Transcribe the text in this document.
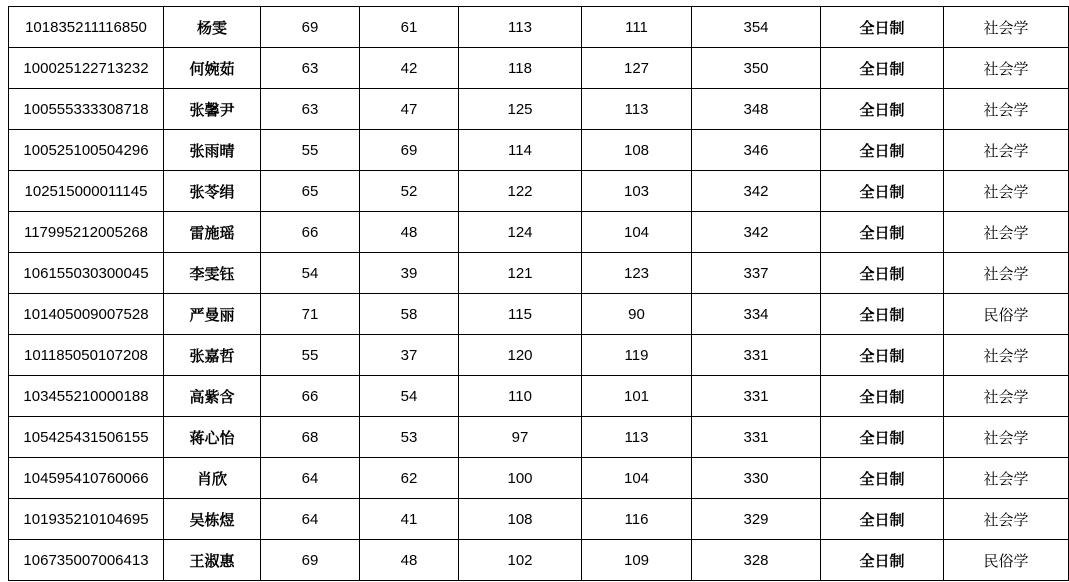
101835211116850	杨雯	69	61	113	111	354	全日制	社会学
100025122713232	何婉茹	63	42	118	127	350	全日制	社会学
100555333308718	张馨尹	63	47	125	113	348	全日制	社会学
100525100504296	张雨晴	55	69	114	108	346	全日制	社会学
102515000011145	张苓绢	65	52	122	103	342	全日制	社会学
117995212005268	雷施瑶	66	48	124	104	342	全日制	社会学
106155030300045	李雯钰	54	39	121	123	337	全日制	社会学
101405009007528	严曼丽	71	58	115	90	334	全日制	民俗学
101185050107208	张嘉哲	55	37	120	119	331	全日制	社会学
103455210000188	高紫含	66	54	110	101	331	全日制	社会学
105425431506155	蒋心怡	68	53	97	113	331	全日制	社会学
104595410760066	肖欣	64	62	100	104	330	全日制	社会学
101935210104695	吴栋煜	64	41	108	116	329	全日制	社会学
106735007006413	王淑惠	69	48	102	109	328	全日制	民俗学
